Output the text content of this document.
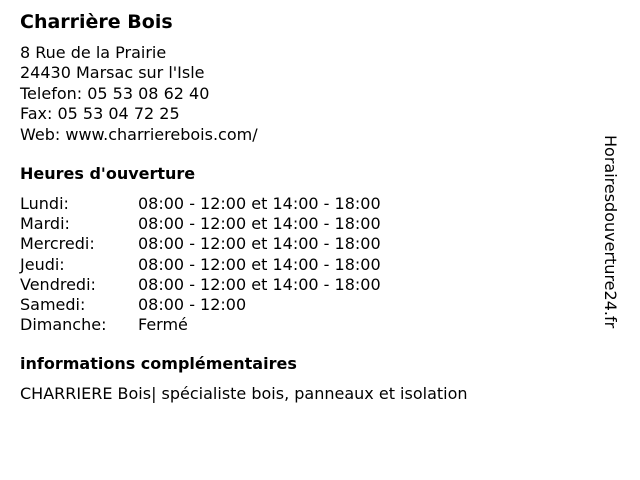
Charrière Bois
8 Rue de la Prairie
24430 Marsac sur l'Isle
Telefon: 05 53 08 62 40
Fax: 05 53 04 72 25
Web: www.charrierebois.com/
Heures d'ouverture
Lundi:	08:00 - 12:00 et 14:00 - 18:00
Mardi:	08:00 - 12:00 et 14:00 - 18:00
Mercredi:	08:00 - 12:00 et 14:00 - 18:00
Jeudi:	08:00 - 12:00 et 14:00 - 18:00
Vendredi:	08:00 - 12:00 et 14:00 - 18:00
Samedi:	08:00 - 12:00
Dimanche: Fermé
informations complémentaires
CHARRIERE Bois| spécialiste bois, panneaux et isolation
Horairesdouverture24.fr
